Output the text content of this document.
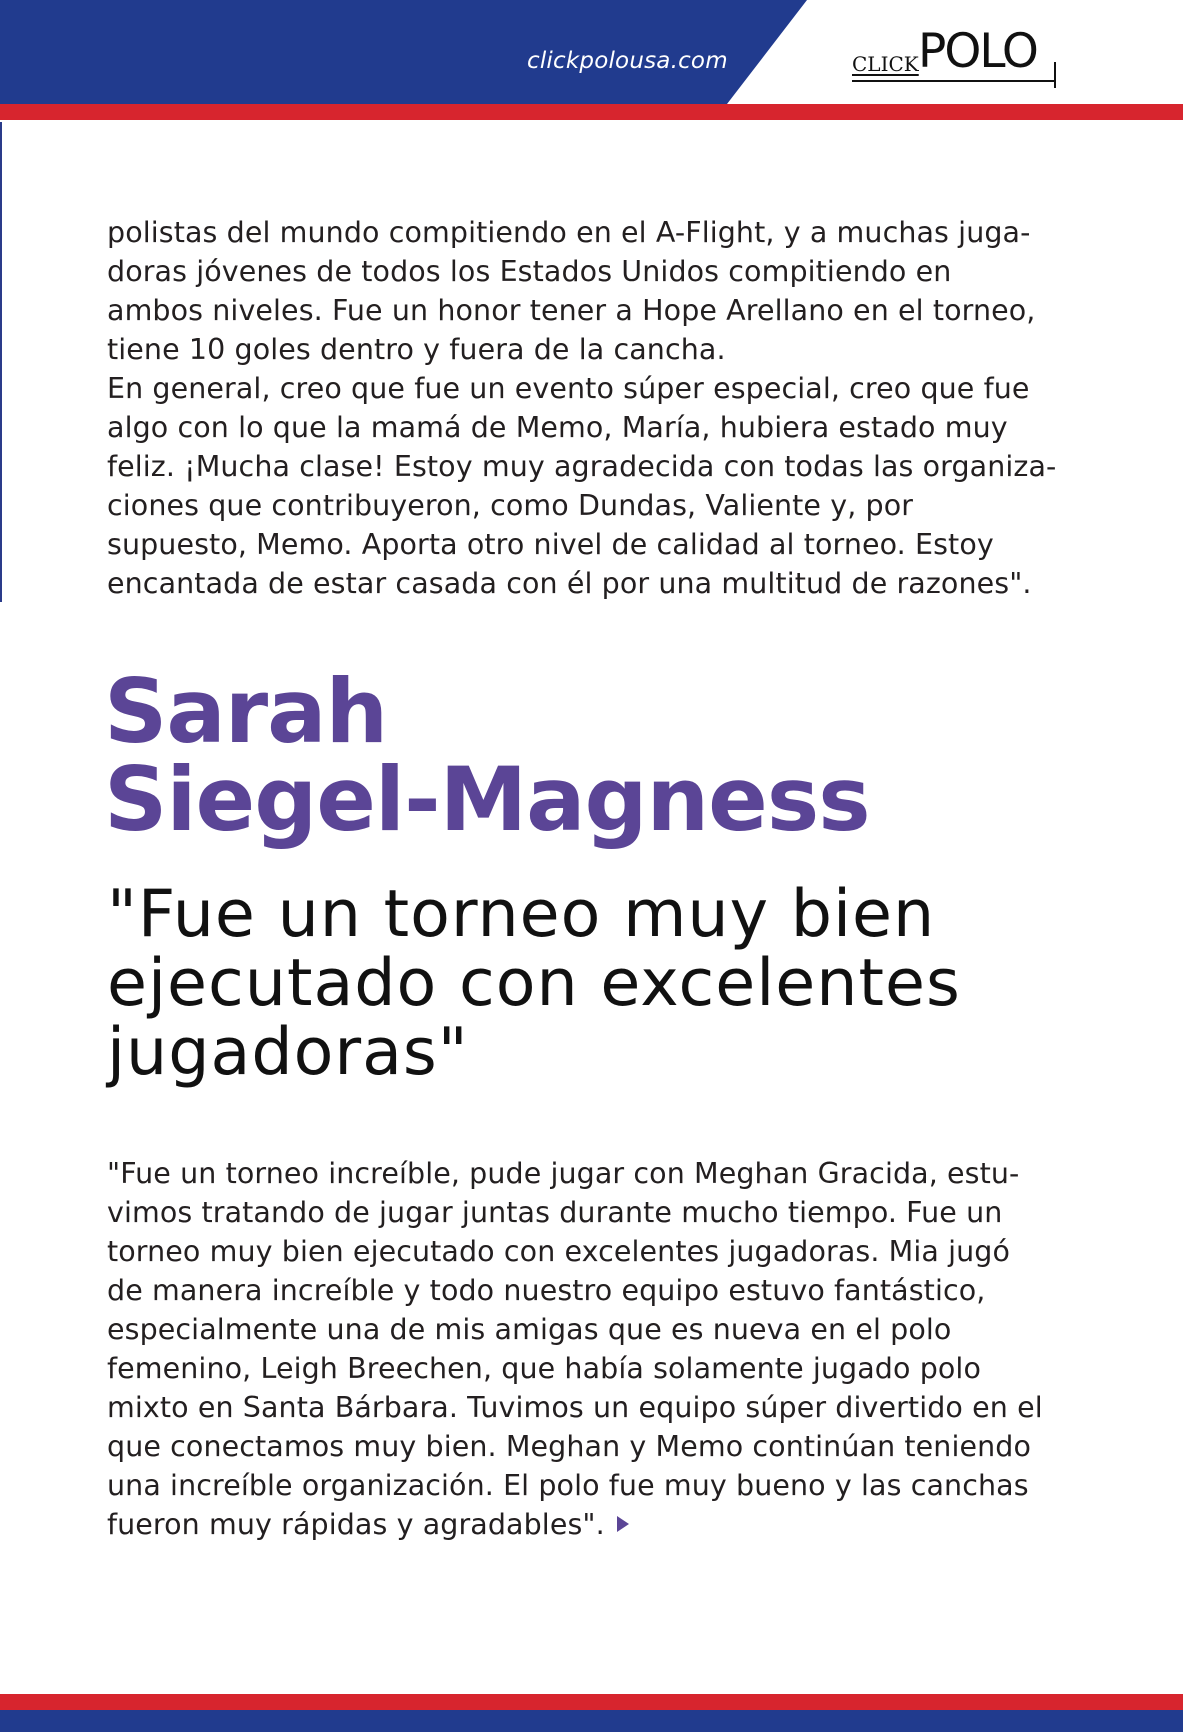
clickpolousa.com	CLICK POLO
polistas del mundo compitiendo en el A-Flight, y a muchas juga-
doras jóvenes de todos los Estados Unidos compitiendo en
ambos niveles. Fue un honor tener a Hope Arellano en el torneo,
tiene 10 goles dentro y fuera de la cancha.
En general, creo que fue un evento súper especial, creo que fue
algo con lo que la mamá de Memo, María, hubiera estado muy
feliz. ¡Mucha clase! Estoy muy agradecida con todas las organiza-
ciones que contribuyeron, como Dundas, Valiente y, por
supuesto, Memo. Aporta otro nivel de calidad al torneo. Estoy
encantada de estar casada con él por una multitud de razones".
Sarah
Siegel-Magness
"Fue un torneo muy bien
ejecutado con excelentes
jugadoras"
"Fue un torneo increíble, pude jugar con Meghan Gracida, estu-
vimos tratando de jugar juntas durante mucho tiempo. Fue un
torneo muy bien ejecutado con excelentes jugadoras. Mia jugó
de manera increíble y todo nuestro equipo estuvo fantástico,
especialmente una de mis amigas que es nueva en el polo
femenino, Leigh Breechen, que había solamente jugado polo
mixto en Santa Bárbara. Tuvimos un equipo súper divertido en el
que conectamos muy bien. Meghan y Memo continúan teniendo
una increíble organización. El polo fue muy bueno y las canchas
fueron muy rápidas y agradables".
